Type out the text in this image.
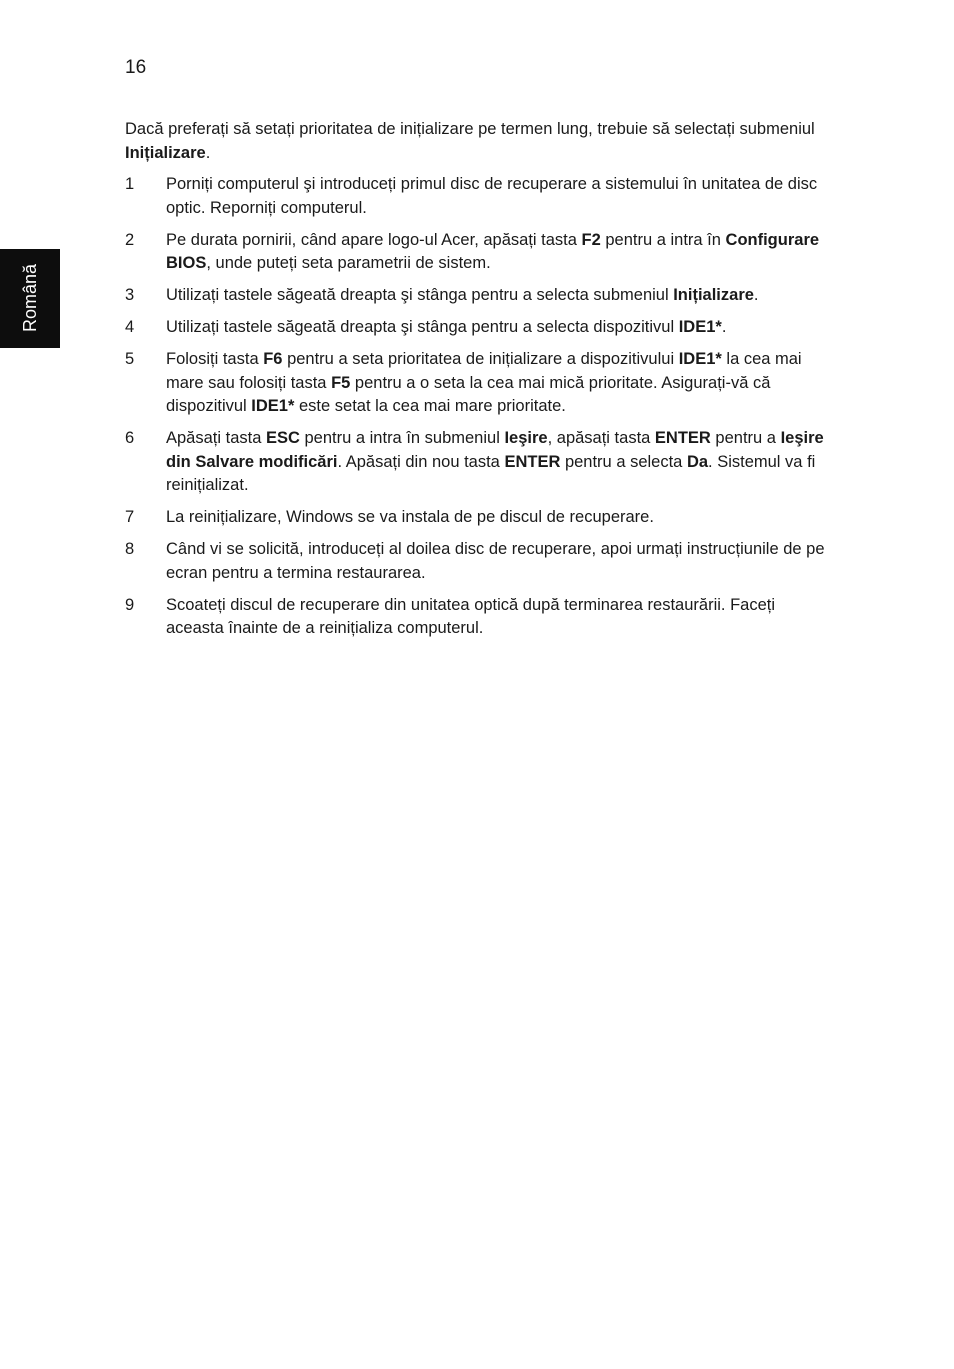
16
Română

Dacă preferați să setați prioritatea de inițializare pe termen lung, trebuie să selectați submeniul Inițializare.

1	Porniți computerul şi introduceți primul disc de recuperare a sistemului în unitatea de disc optic. Reporniți computerul.
2	Pe durata pornirii, când apare logo-ul Acer, apăsați tasta F2 pentru a intra în Configurare BIOS, unde puteți seta parametrii de sistem.
3	Utilizați tastele săgeată dreapta şi stânga pentru a selecta submeniul Inițializare.
4	Utilizați tastele săgeată dreapta şi stânga pentru a selecta dispozitivul IDE1*.
5	Folosiți tasta F6 pentru a seta prioritatea de inițializare a dispozitivului IDE1* la cea mai mare sau folosiți tasta F5 pentru a o seta la cea mai mică prioritate. Asigurați-vă că dispozitivul IDE1* este setat la cea mai mare prioritate.
6	Apăsați tasta ESC pentru a intra în submeniul Ieşire, apăsați tasta ENTER pentru a Ieşire din Salvare modificări. Apăsați din nou tasta ENTER pentru a selecta Da. Sistemul va fi reinițializat.
7	La reinițializare, Windows se va instala de pe discul de recuperare.
8	Când vi se solicită, introduceți al doilea disc de recuperare, apoi urmați instrucțiunile de pe ecran pentru a termina restaurarea.
9	Scoateți discul de recuperare din unitatea optică după terminarea restaurării. Faceți aceasta înainte de a reinițializa computerul.
